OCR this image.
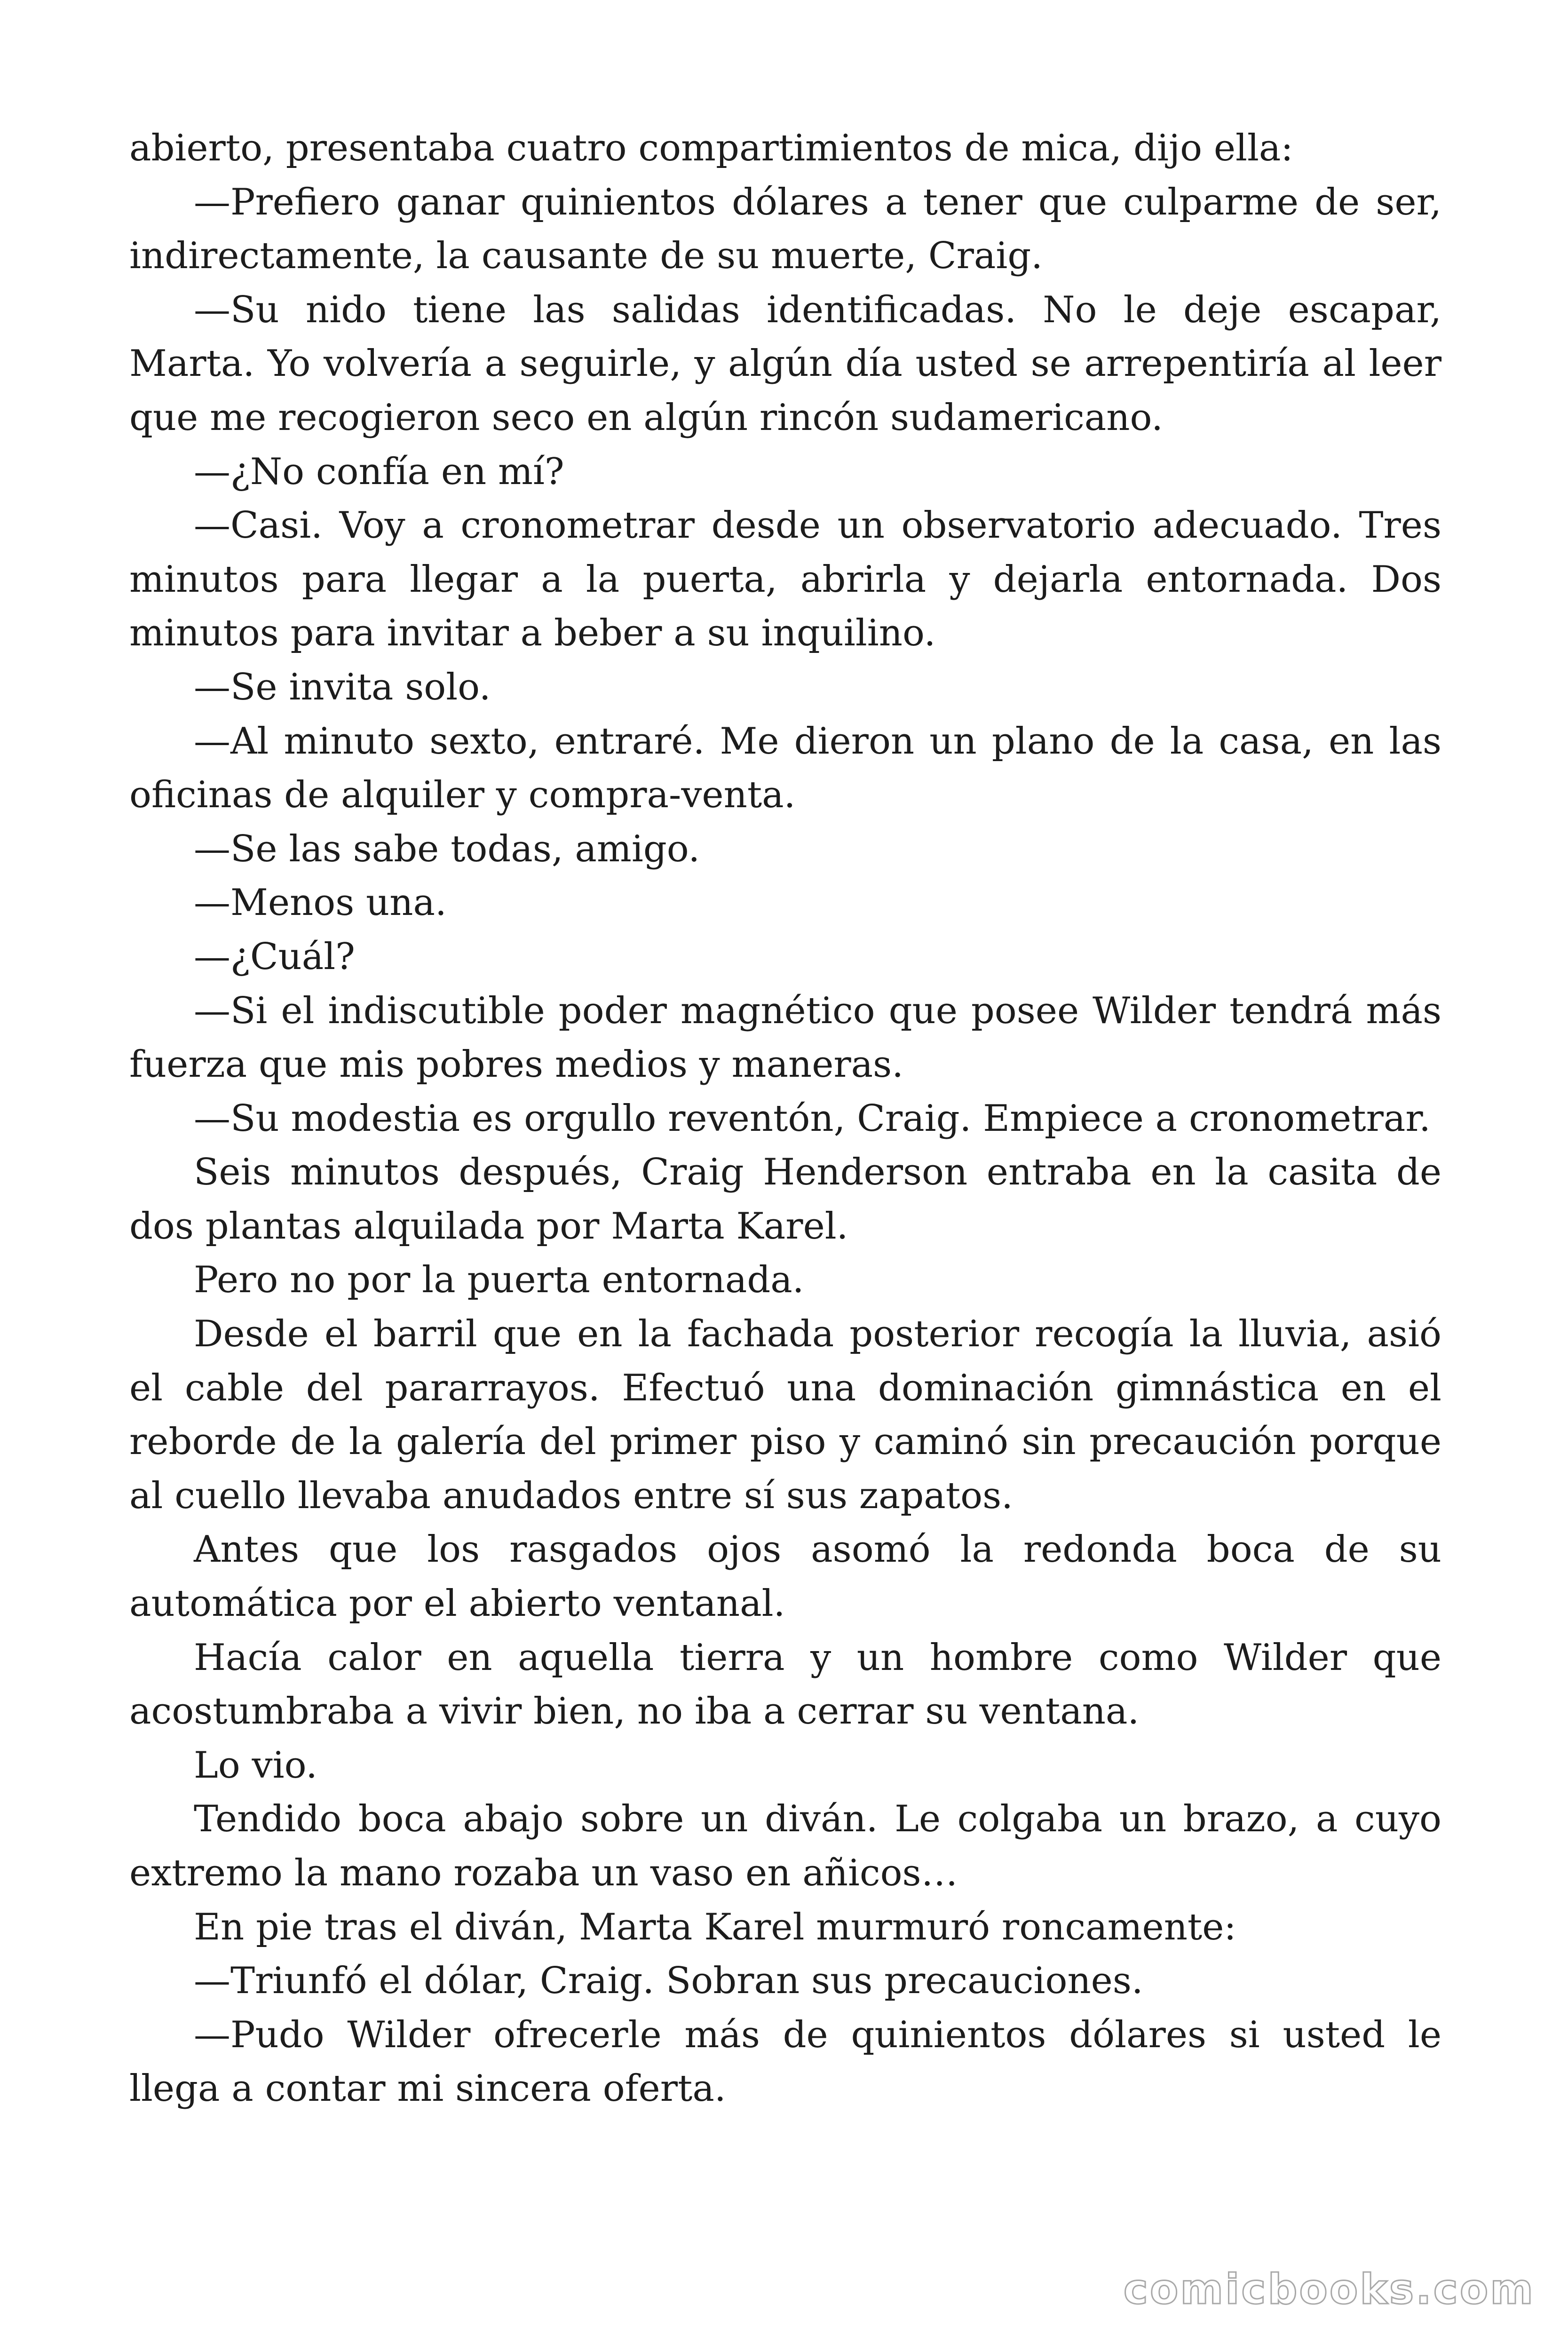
abierto, presentaba cuatro compartimientos de mica, dijo ella:

—Prefiero ganar quinientos dólares a tener que culparme de ser, indirectamente, la causante de su muerte, Craig.

—Su nido tiene las salidas identificadas. No le deje escapar, Marta. Yo volvería a seguirle, y algún día usted se arrepentiría al leer que me recogieron seco en algún rincón sudamericano.

—¿No confía en mí?

—Casi. Voy a cronometrar desde un observatorio adecuado. Tres minutos para llegar a la puerta, abrirla y dejarla entornada. Dos minutos para invitar a beber a su inquilino.

—Se invita solo.

—Al minuto sexto, entraré. Me dieron un plano de la casa, en las oficinas de alquiler y compra-venta.

—Se las sabe todas, amigo.

—Menos una.

—¿Cuál?

—Si el indiscutible poder magnético que posee Wilder tendrá más fuerza que mis pobres medios y maneras.

—Su modestia es orgullo reventón, Craig. Empiece a cronometrar.

Seis minutos después, Craig Henderson entraba en la casita de dos plantas alquilada por Marta Karel.

Pero no por la puerta entornada.

Desde el barril que en la fachada posterior recogía la lluvia, asió el cable del pararrayos. Efectuó una dominación gimnástica en el reborde de la galería del primer piso y caminó sin precaución porque al cuello llevaba anudados entre sí sus zapatos.

Antes que los rasgados ojos asomó la redonda boca de su automática por el abierto ventanal.

Hacía calor en aquella tierra y un hombre como Wilder que acostumbraba a vivir bien, no iba a cerrar su ventana.

Lo vio.

Tendido boca abajo sobre un diván. Le colgaba un brazo, a cuyo extremo la mano rozaba un vaso en añicos…

En pie tras el diván, Marta Karel murmuró roncamente:

—Triunfó el dólar, Craig. Sobran sus precauciones.

—Pudo Wilder ofrecerle más de quinientos dólares si usted le llega a contar mi sincera oferta.

comicbooks.com
